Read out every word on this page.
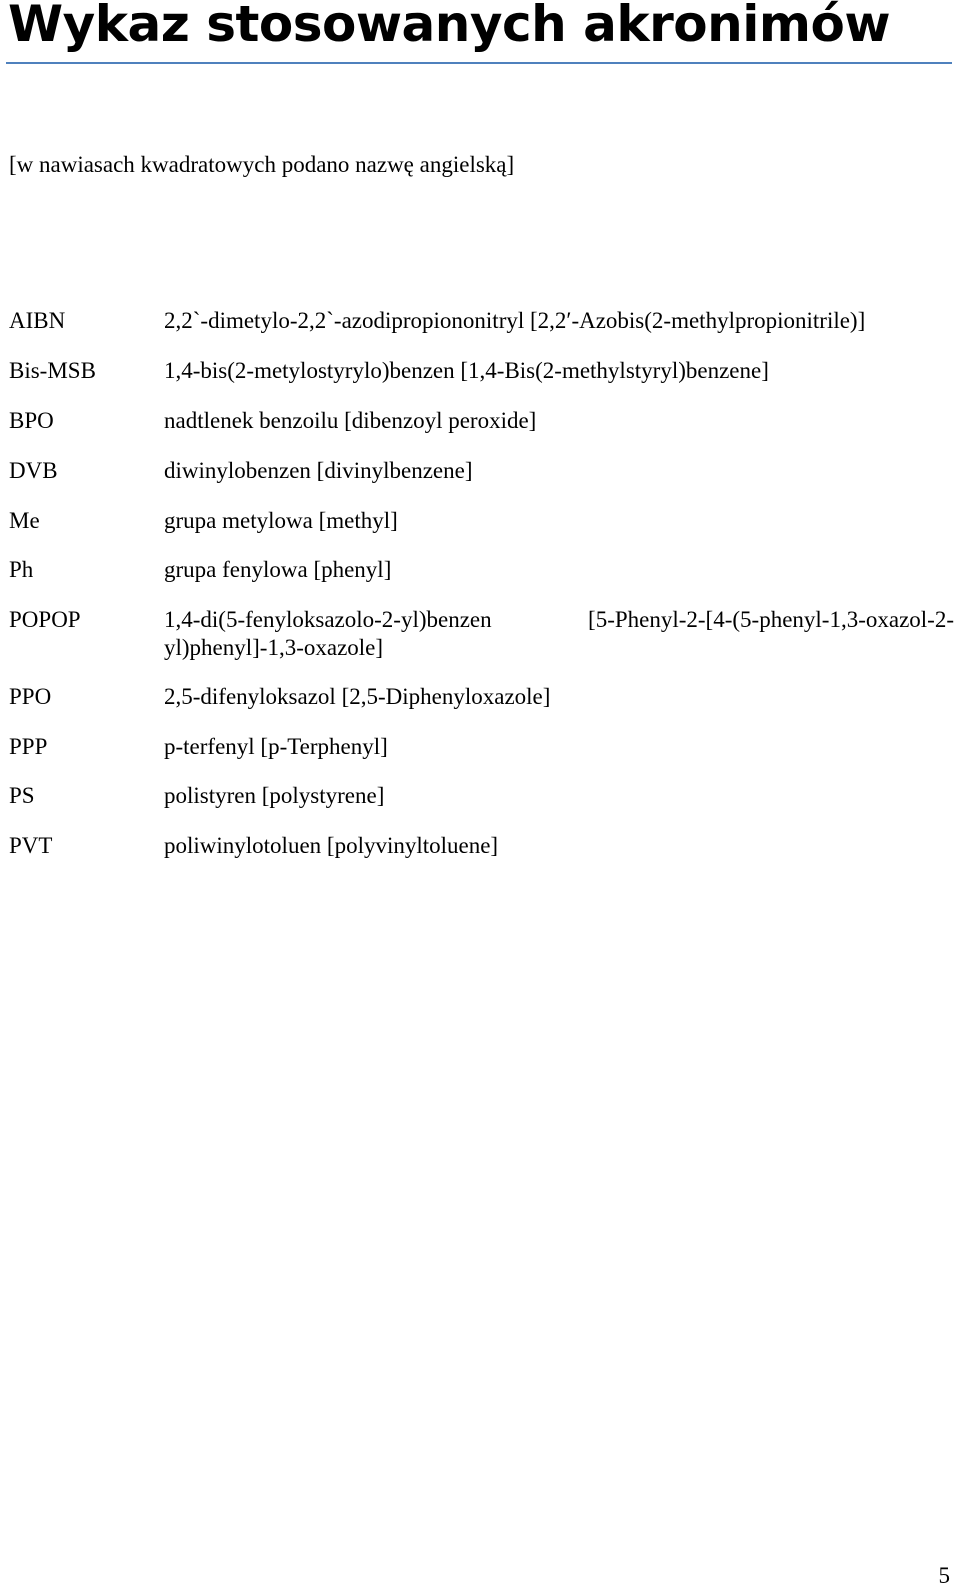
Wykaz stosowanych akronimów

[w nawiasach kwadratowych podano nazwę angielską]

AIBN	2,2`-dimetylo-2,2`-azodipropiononitryl [2,2′-Azobis(2-methylpropionitrile)]
Bis-MSB	1,4-bis(2-metylostyrylo)benzen [1,4-Bis(2-methylstyryl)benzene]
BPO	nadtlenek benzoilu [dibenzoyl peroxide]
DVB	diwinylobenzen [divinylbenzene]
Me	grupa metylowa [methyl]
Ph	grupa fenylowa [phenyl]
POPOP	1,4-di(5-fenyloksazolo-2-yl)benzen [5-Phenyl-2-[4-(5-phenyl-1,3-oxazol-2-yl)phenyl]-1,3-oxazole]
PPO	2,5-difenyloksazol [2,5-Diphenyloxazole]
PPP	p-terfenyl [p-Terphenyl]
PS	polistyren [polystyrene]
PVT	poliwinylotoluen [polyvinyltoluene]
5
